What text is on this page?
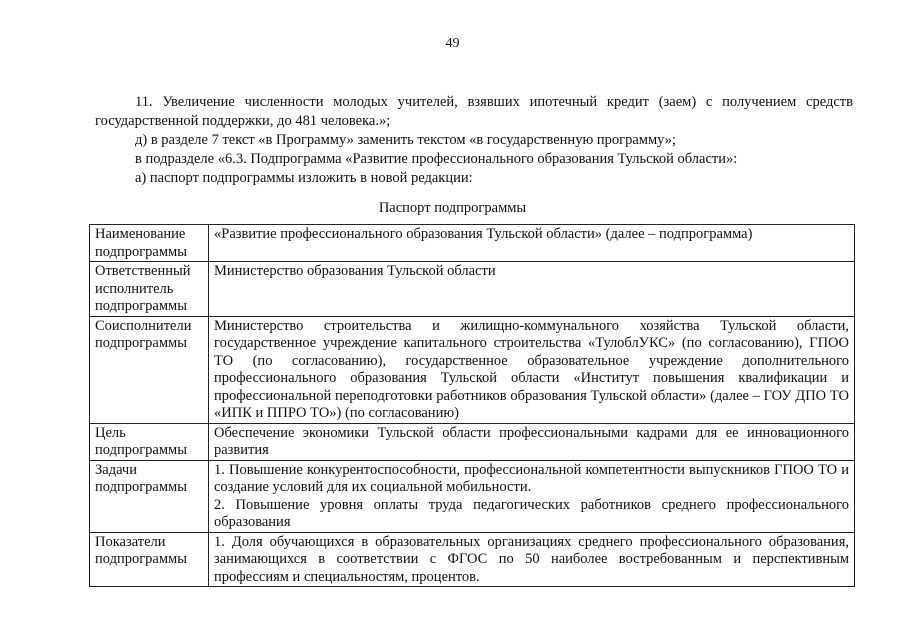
49

11. Увеличение численности молодых учителей, взявших ипотечный кредит (заем) с получением средств государственной поддержки, до 481 человека.»;

д) в разделе 7 текст «в Программу» заменить текстом «в государственную программу»;

в подразделе «6.3. Подпрограмма «Развитие профессионального образования Тульской области»:

а) паспорт подпрограммы изложить в новой редакции:

Паспорт подпрограммы
Наименование подпрограммы	«Развитие профессионального образования Тульской области» (далее – подпрограмма)

Ответственный исполнитель подпрограммы	Министерство образования Тульской области

Соисполнители подпрограммы	Министерство строительства и жилищно-коммунального хозяйства Тульской области, государственное учреждение капитального строительства «ТулоблУКС» (по согласованию), ГПОО ТО (по согласованию), государственное образовательное учреждение дополнительного профессионального образования Тульской области «Институт повышения квалификации и профессиональной переподготовки работников образования Тульской области» (далее – ГОУ ДПО ТО «ИПК и ППРО ТО») (по согласованию)

Цель подпрограммы	Обеспечение экономики Тульской области профессиональными кадрами для ее инновационного развития

Задачи подпрограммы	1. Повышение конкурентоспособности, профессиональной компетентности выпускников ГПОО ТО и создание условий для их социальной мобильности.

2. Повышение уровня оплаты труда педагогических работников среднего профессионального образования

Показатели подпрограммы	1. Доля обучающихся в образовательных организациях среднего профессионального образования, занимающихся в соответствии с ФГОС по 50 наиболее востребованным и перспективным профессиям и специальностям, процентов.
